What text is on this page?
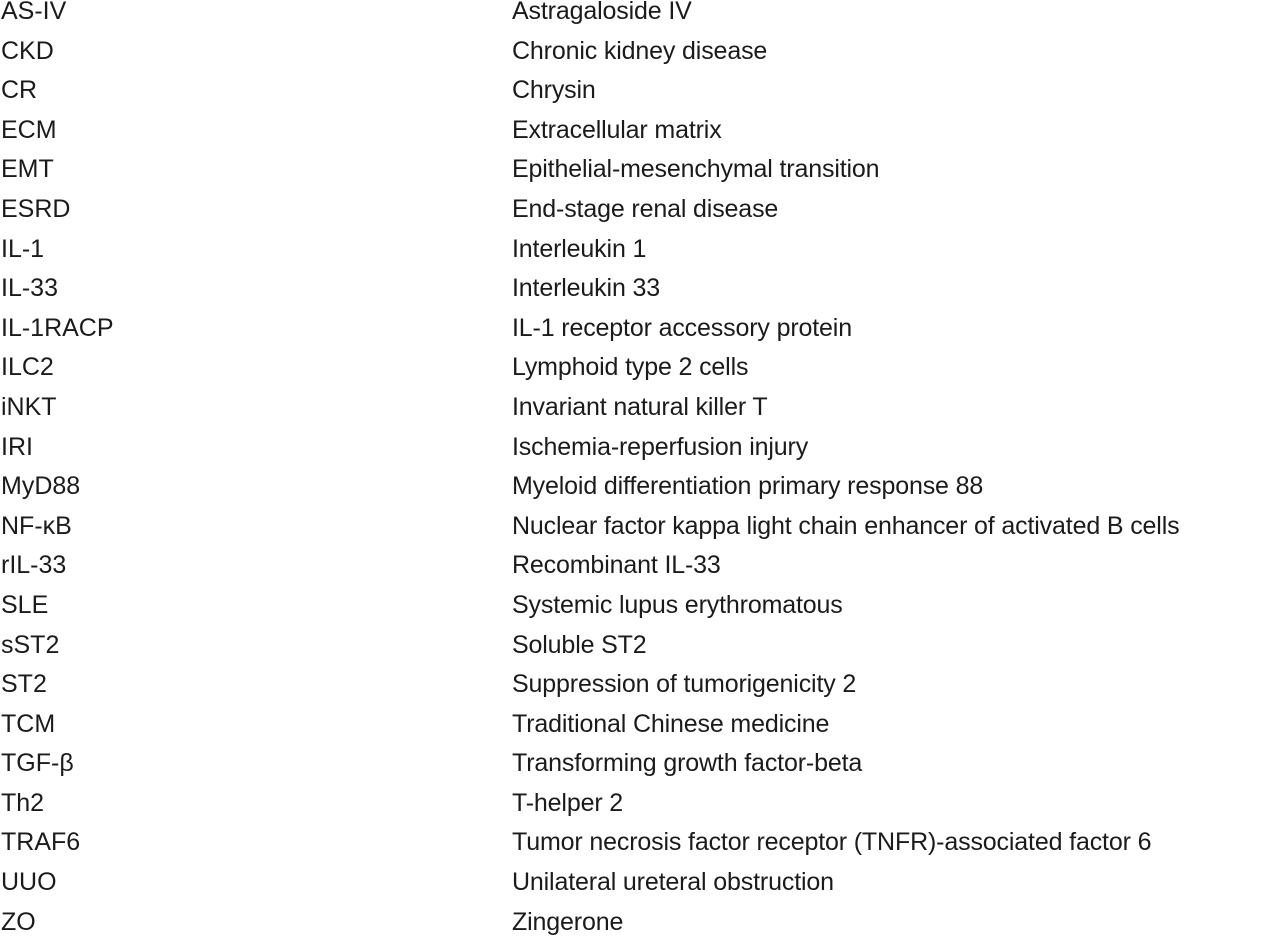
AS-IV	Astragaloside IV
CKD	Chronic kidney disease
CR	Chrysin
ECM	Extracellular matrix
EMT	Epithelial-mesenchymal transition
ESRD	End-stage renal disease
IL-1	Interleukin 1
IL-33	Interleukin 33
IL-1RACP	IL-1 receptor accessory protein
ILC2	Lymphoid type 2 cells
iNKT	Invariant natural killer T
IRI	Ischemia-reperfusion injury
MyD88	Myeloid differentiation primary response 88
NF-κB	Nuclear factor kappa light chain enhancer of activated B cells
rIL-33	Recombinant IL-33
SLE	Systemic lupus erythromatous
sST2	Soluble ST2
ST2	Suppression of tumorigenicity 2
TCM	Traditional Chinese medicine
TGF-β	Transforming growth factor-beta
Th2	T-helper 2
TRAF6	Tumor necrosis factor receptor (TNFR)-associated factor 6
UUO	Unilateral ureteral obstruction
ZO	Zingerone
